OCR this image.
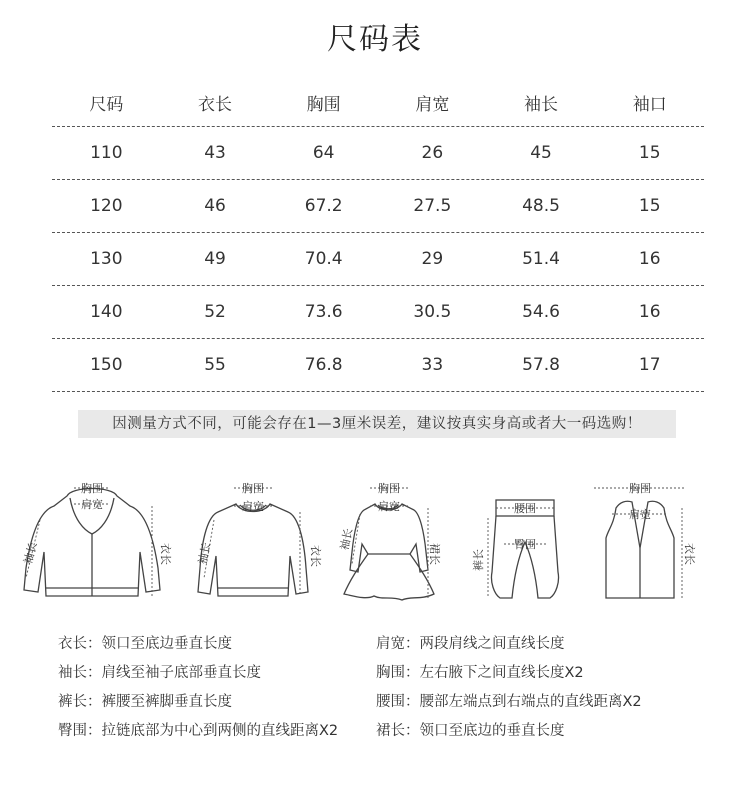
尺码表
尺码	衣长	胸围	肩宽	袖长	袖口
110	43	64	26	45	15
120	46	67.2	27.5	48.5	15
130	49	70.4	29	51.4	16
140	52	73.6	30.5	54.6	16
150	55	76.8	33	57.8	17
因测量方式不同，可能会存在1—3厘米误差，建议按真实身高或者大一码选购！
胸围
肩宽
袖长	衣长
胸围
肩宽
袖长	衣长
胸围
肩宽
袖长
裙长
腰围
臀围
裤长
胸围
肩宽
衣长
衣长：领口至底边垂直长度	肩宽：两段肩线之间直线长度
袖长：肩线至袖子底部垂直长度	胸围：左右腋下之间直线长度X2
裤长：裤腰至裤脚垂直长度	腰围：腰部左端点到右端点的直线距离X2
臀围：拉链底部为中心到两侧的直线距离X2	裙长：领口至底边的垂直长度
